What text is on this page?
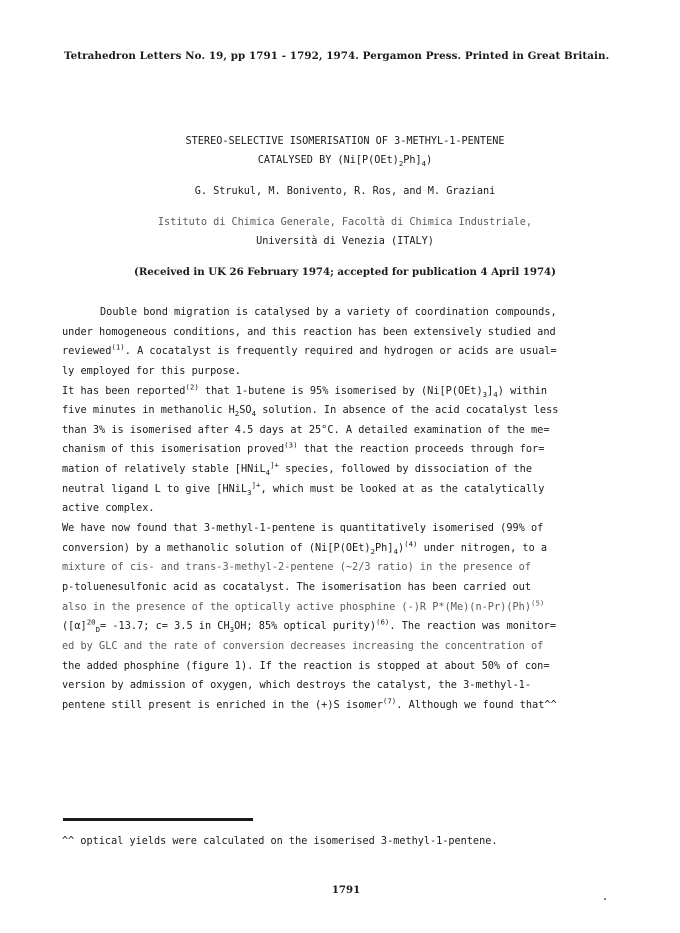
Tetrahedron Letters No. 19, pp 1791 - 1792, 1974. Pergamon Press. Printed in Great Britain.
STEREO-SELECTIVE ISOMERISATION OF 3-METHYL-1-PENTENE
CATALYSED BY $(Ni[P(OEt)_2Ph]_4)$
G. Strukul, M. Bonivento, R. Ros, and M. Graziani
Istituto di Chimica Generale, Facoltà di Chimica Industriale,
Università di Venezia (ITALY)
(Received in UK 26 February 1974; accepted for publication 4 April 1974)
Double bond migration is catalysed by a variety of coordination compounds,
under homogeneous conditions, and this reaction has been extensively studied and
reviewed$^{(1)}$. A cocatalyst is frequently required and hydrogen or acids are usual=
ly employed for this purpose.
It has been reported$^{(2)}$ that 1-butene is 95% isomerised by $(Ni[P(OEt)_3]_4)$ within
five minutes in methanolic $H_2SO_4$ solution. In absence of the acid cocatalyst less
than 3% is isomerised after 4.5 days at 25°C. A detailed examination of the me=
chanism of this isomerisation proved$^{(3)}$ that the reaction proceeds through for=
mation of relatively stable [HNiL$_4$]+ species, followed by dissociation of the
neutral ligand L to give [HNiL$_3$]+, which must be looked at as the catalytically
active complex.
We have now found that 3-methyl-1-pentene is quantitatively isomerised (99% of
conversion) by a methanolic solution of $(Ni[P(OEt)_2Ph]_4)^{(4)}$ under nitrogen, to a
mixture of cis- and trans-3-methyl-2-pentene (~2/3 ratio) in the presence of
p-toluenesulfonic acid as cocatalyst. The isomerisation has been carried out
also in the presence of the optically active phosphine (-)R $P*(Me)(n-Pr)(Ph)^{(5)}$
($[\alpha]^{20}_D= -13.7$; c= 3.5 in $CH_3OH$; 85% optical purity)$^{(6)}$. The reaction was monitor=
ed by GLC and the rate of conversion decreases increasing the concentration of
the added phosphine (figure 1). If the reaction is stopped at about 50% of con=
version by admission of oxygen, which destroys the catalyst, the 3-methyl-1-
pentene still present is enriched in the (+)S isomer$^{(7)}$. Although we found that^^
^^ optical yields were calculated on the isomerised 3-methyl-1-pentene.
1791
